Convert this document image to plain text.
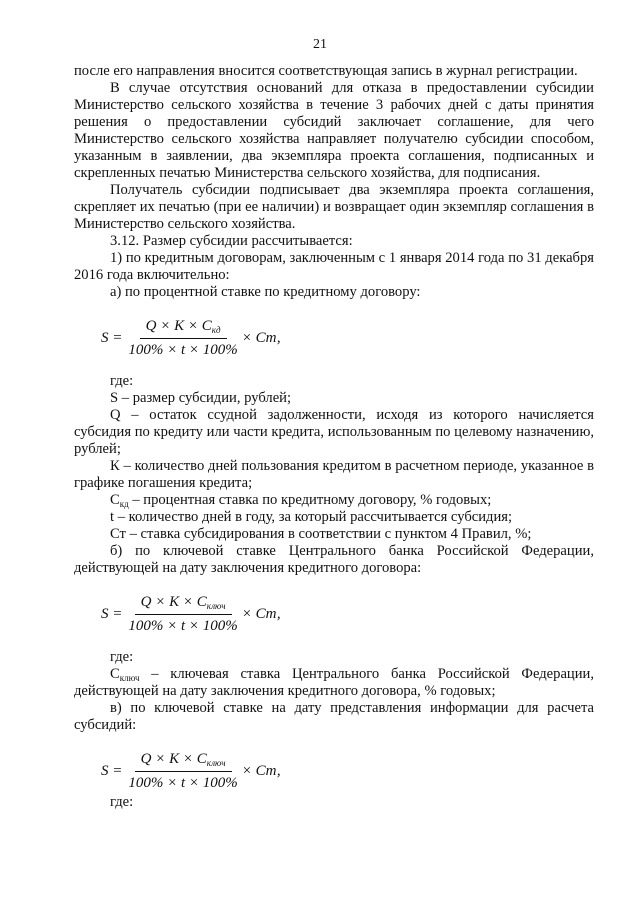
21

после его направления вносится соответствующая запись в журнал регистрации.

В случае отсутствия оснований для отказа в предоставлении субсидии Министерство сельского хозяйства в течение 3 рабочих дней с даты принятия решения о предоставлении субсидий заключает соглашение, для чего Министерство сельского хозяйства направляет получателю субсидии способом, указанным в заявлении, два экземпляра проекта соглашения, подписанных и скрепленных печатью Министерства сельского хозяйства, для подписания.

Получатель субсидии подписывает два экземпляра проекта соглашения, скрепляет их печатью (при ее наличии) и возвращает один экземпляр соглашения в Министерство сельского хозяйства.

3.12. Размер субсидии рассчитывается:

1) по кредитным договорам, заключенным с 1 января 2014 года по 31 декабря 2016 года включительно:

а) по процентной ставке по кредитному договору:

$S = \frac{Q \times K \times C_{кд}}{100\% \times t \times 100\%}$ × Cт,

где:

S – размер субсидии, рублей;

Q – остаток ссудной задолженности, исходя из которого начисляется субсидия по кредиту или части кредита, использованным по целевому назначению, рублей;

К – количество дней пользования кредитом в расчетном периоде, указанное в графике погашения кредита;

$С_{кд}$ – процентная ставка по кредитному договору, % годовых;

t – количество дней в году, за который рассчитывается субсидия;

Ст – ставка субсидирования в соответствии с пунктом 4 Правил, %;

б) по ключевой ставке Центрального банка Российской Федерации, действующей на дату заключения кредитного договора:

$S = \frac{Q \times K \times C_{ключ}}{100\% \times t \times 100\%}$ × Cт,

где:

$С_{ключ}$ – ключевая ставка Центрального банка Российской Федерации, действующей на дату заключения кредитного договора, % годовых;

в) по ключевой ставке на дату представления информации для расчета субсидий:

$S = \frac{Q \times K \times C_{ключ}}{100\% \times t \times 100\%}$ × Cт,

где:
